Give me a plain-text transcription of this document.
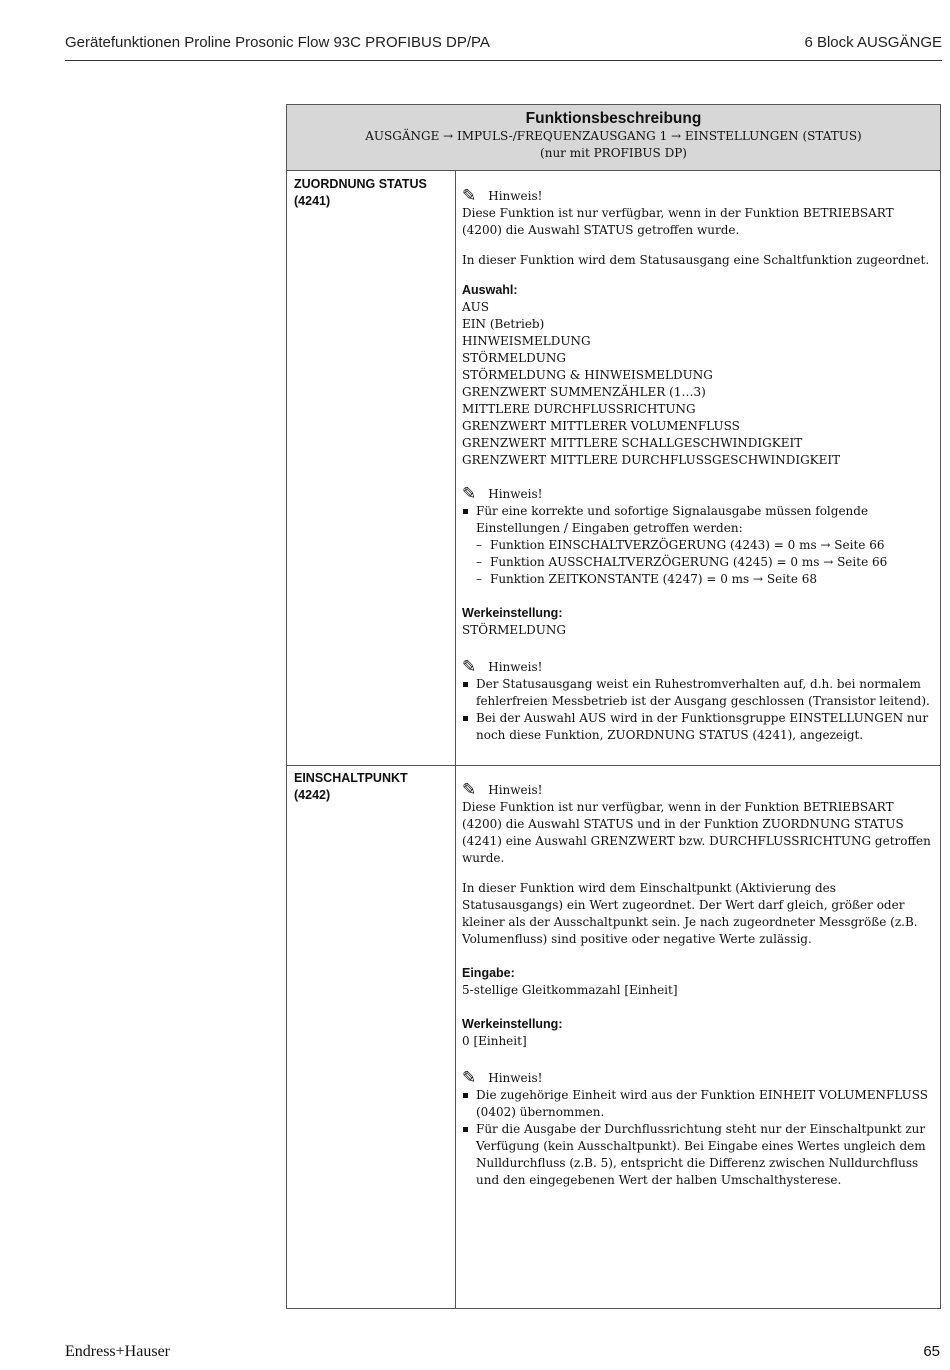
Gerätefunktionen Proline Prosonic Flow 93C PROFIBUS DP/PA	6 Block AUSGÄNGE
Funktionsbeschreibung
AUSGÄNGE → IMPULS-/FREQUENZAUSGANG 1 → EINSTELLUNGEN (STATUS)
(nur mit PROFIBUS DP)
ZUORDNUNG STATUS
(4241)	✎ Hinweis!

Diese Funktion ist nur verfügbar, wenn in der Funktion BETRIEBSART (4200) die Auswahl STATUS getroffen wurde.

In dieser Funktion wird dem Statusausgang eine Schaltfunktion zugeordnet.

Auswahl:

AUS

EIN (Betrieb)

HINWEISMELDUNG

STÖRMELDUNG

STÖRMELDUNG & HINWEISMELDUNG

GRENZWERT SUMMENZÄHLER (1…3)

MITTLERE DURCHFLUSSRICHTUNG

GRENZWERT MITTLERER VOLUMENFLUSS

GRENZWERT MITTLERE SCHALLGESCHWINDIGKEIT

GRENZWERT MITTLERE DURCHFLUSSGESCHWINDIGKEIT

✎ Hinweis!
Für eine korrekte und sofortige Signalausgabe müssen folgende Einstellungen / Eingaben getroffen werden:
– Funktion EINSCHALTVERZÖGERUNG (4243) = 0 ms → Seite 66
– Funktion AUSSCHALTVERZÖGERUNG (4245) = 0 ms → Seite 66
– Funktion ZEITKONSTANTE (4247) = 0 ms → Seite 68

Werkeinstellung:

STÖRMELDUNG

✎ Hinweis!
Der Statusausgang weist ein Ruhestromverhalten auf, d.h. bei normalem fehlerfreien Messbetrieb ist der Ausgang geschlossen (Transistor leitend).
Bei der Auswahl AUS wird in der Funktionsgruppe EINSTELLUNGEN nur noch diese Funktion, ZUORDNUNG STATUS (4241), angezeigt.
EINSCHALTPUNKT
(4242)	✎ Hinweis!

Diese Funktion ist nur verfügbar, wenn in der Funktion BETRIEBSART (4200) die Auswahl STATUS und in der Funktion ZUORDNUNG STATUS (4241) eine Auswahl GRENZWERT bzw. DURCHFLUSSRICHTUNG getroffen wurde.

In dieser Funktion wird dem Einschaltpunkt (Aktivierung des Statusausgangs) ein Wert zugeordnet. Der Wert darf gleich, größer oder kleiner als der Ausschaltpunkt sein. Je nach zugeordneter Messgröße (z.B. Volumenfluss) sind positive oder negative Werte zulässig.

Eingabe:

5-stellige Gleitkommazahl [Einheit]

Werkeinstellung:

0 [Einheit]

✎ Hinweis!
Die zugehörige Einheit wird aus der Funktion EINHEIT VOLUMENFLUSS (0402) übernommen.
Für die Ausgabe der Durchflussrichtung steht nur der Einschaltpunkt zur Verfügung (kein Ausschaltpunkt). Bei Eingabe eines Wertes ungleich dem Nulldurchfluss (z.B. 5), entspricht die Differenz zwischen Nulldurchfluss und den eingegebenen Wert der halben Umschalthysterese.
Endress+Hauser	65
